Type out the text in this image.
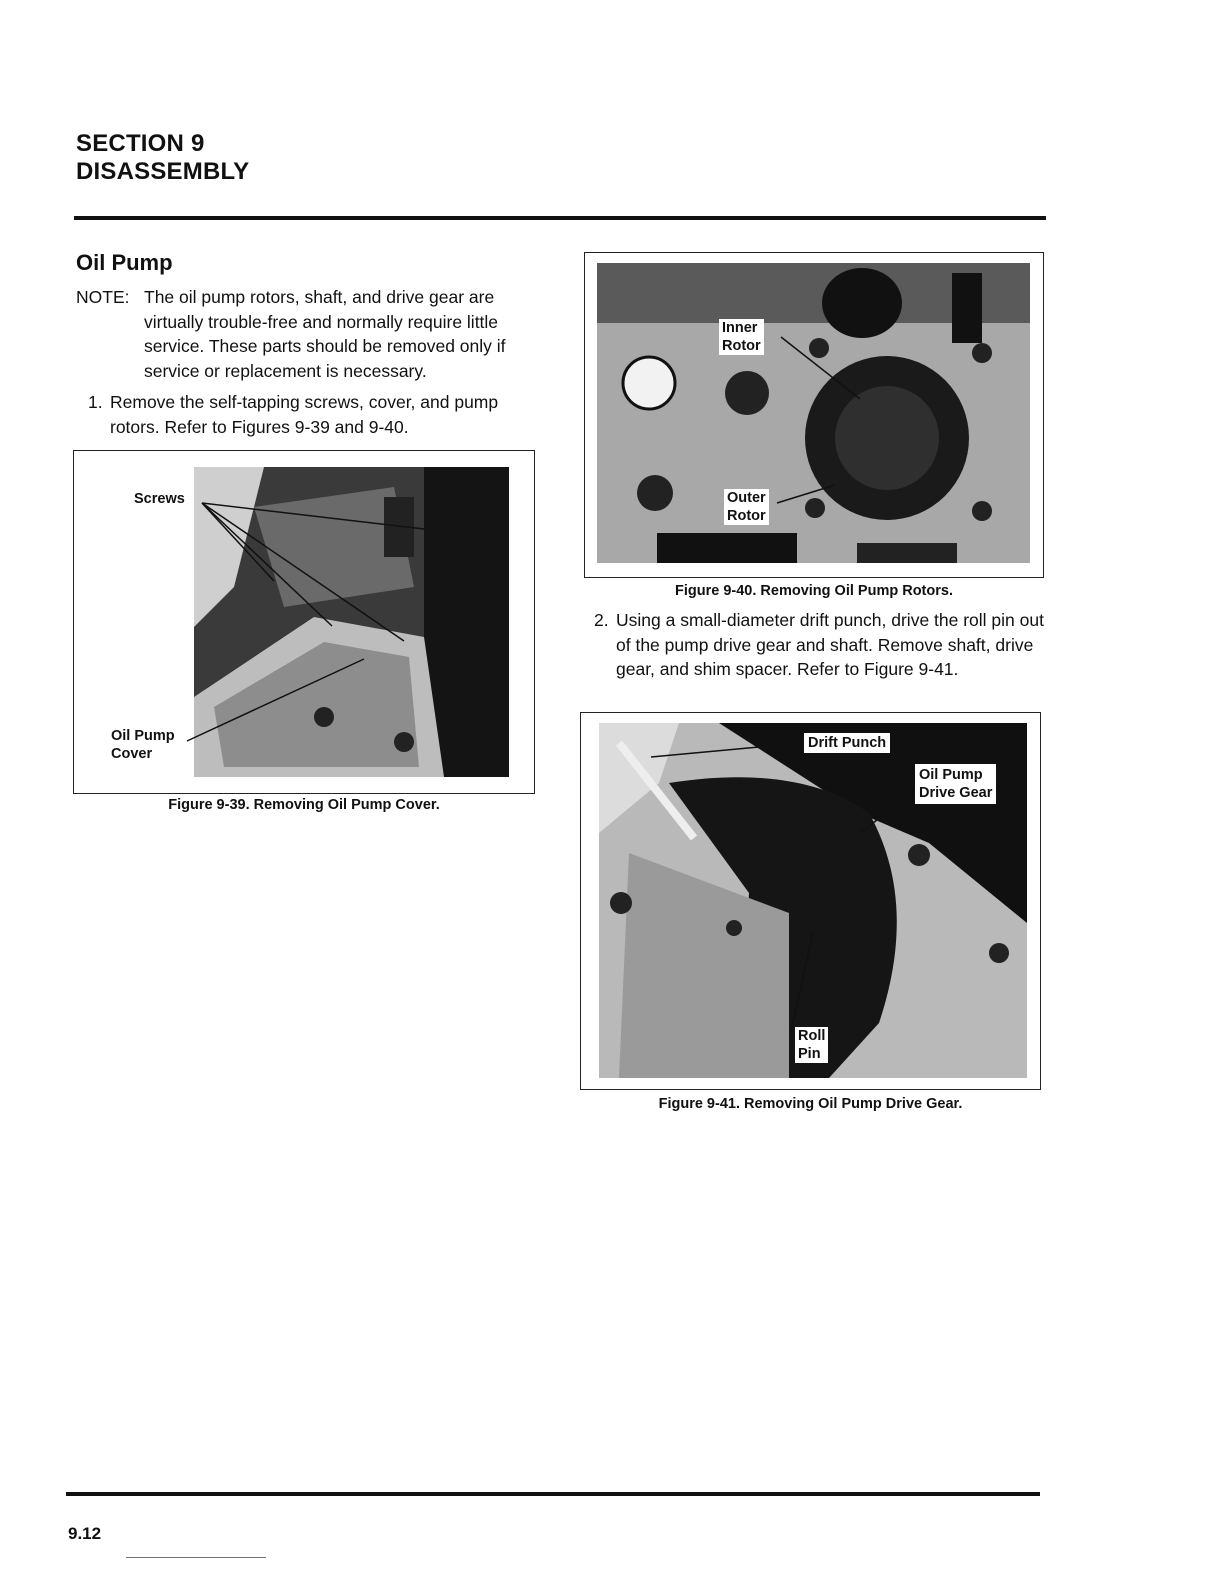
SECTION 9
DISASSEMBLY
Oil Pump
NOTE: The oil pump rotors, shaft, and drive gear are virtually trouble-free and normally require little service. These parts should be removed only if service or replacement is necessary.
1. Remove the self-tapping screws, cover, and pump rotors. Refer to Figures 9-39 and 9-40.
Screws
Oil Pump
Cover
Figure 9-39. Removing Oil Pump Cover.
Inner
Rotor
Outer
Rotor
Figure 9-40. Removing Oil Pump Rotors.
2. Using a small-diameter drift punch, drive the roll pin out of the pump drive gear and shaft. Remove shaft, drive gear, and shim spacer. Refer to Figure 9-41.
Drift Punch
Oil Pump
Drive Gear
Roll
Pin
Figure 9-41. Removing Oil Pump Drive Gear.
9.12
